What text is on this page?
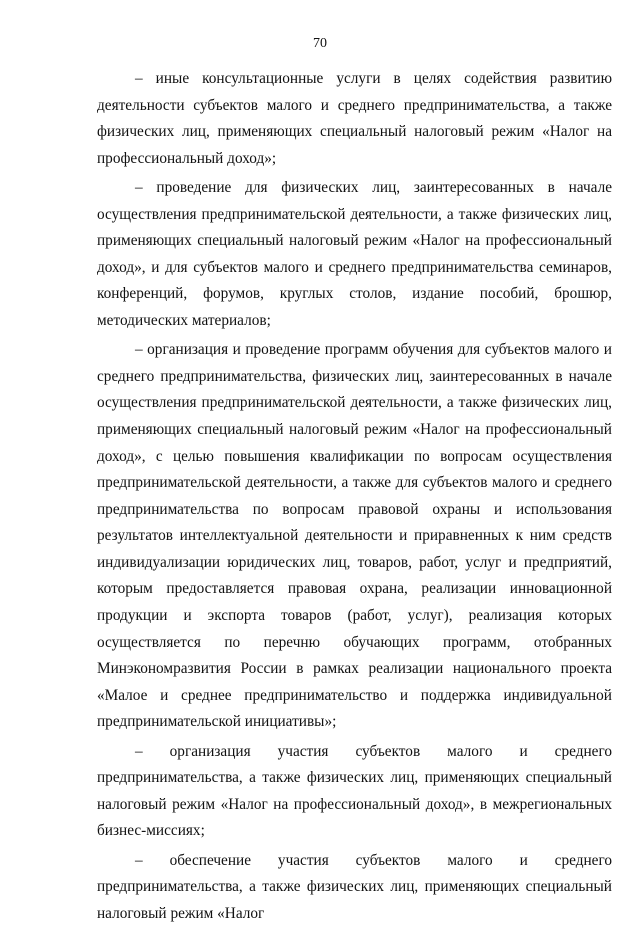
70

– иные консультационные услуги в целях содействия развитию деятельности субъектов малого и среднего предпринимательства, а также физических лиц, применяющих специальный налоговый режим «Налог на профессиональный доход»;

– проведение для физических лиц, заинтересованных в начале осуществления предпринимательской деятельности, а также физических лиц, применяющих специальный налоговый режим «Налог на профессиональный доход», и для субъектов малого и среднего предпринимательства семинаров, конференций, форумов, круглых столов, издание пособий, брошюр, методических материалов;

– организация и проведение программ обучения для субъектов малого и среднего предпринимательства, физических лиц, заинтересованных в начале осуществления предпринимательской деятельности, а также физических лиц, применяющих специальный налоговый режим «Налог на профессиональный доход», с целью повышения квалификации по вопросам осуществления предпринимательской деятельности, а также для субъектов малого и среднего предпринимательства по вопросам правовой охраны и использования результатов интеллектуальной деятельности и приравненных к ним средств индивидуализации юридических лиц, товаров, работ, услуг и предприятий, которым предоставляется правовая охрана, реализации инновационной продукции и экспорта товаров (работ, услуг), реализация которых осуществляется по перечню обучающих программ, отобранных Минэкономразвития России в рамках реализации национального проекта «Малое и среднее предпринимательство и поддержка индивидуальной предпринимательской инициативы»;

– организация участия субъектов малого и среднего предпринимательства, а также физических лиц, применяющих специальный налоговый режим «Налог на профессиональный доход», в межрегиональных бизнес-миссиях;

– обеспечение участия субъектов малого и среднего предпринимательства, а также физических лиц, применяющих специальный налоговый режим «Налог
